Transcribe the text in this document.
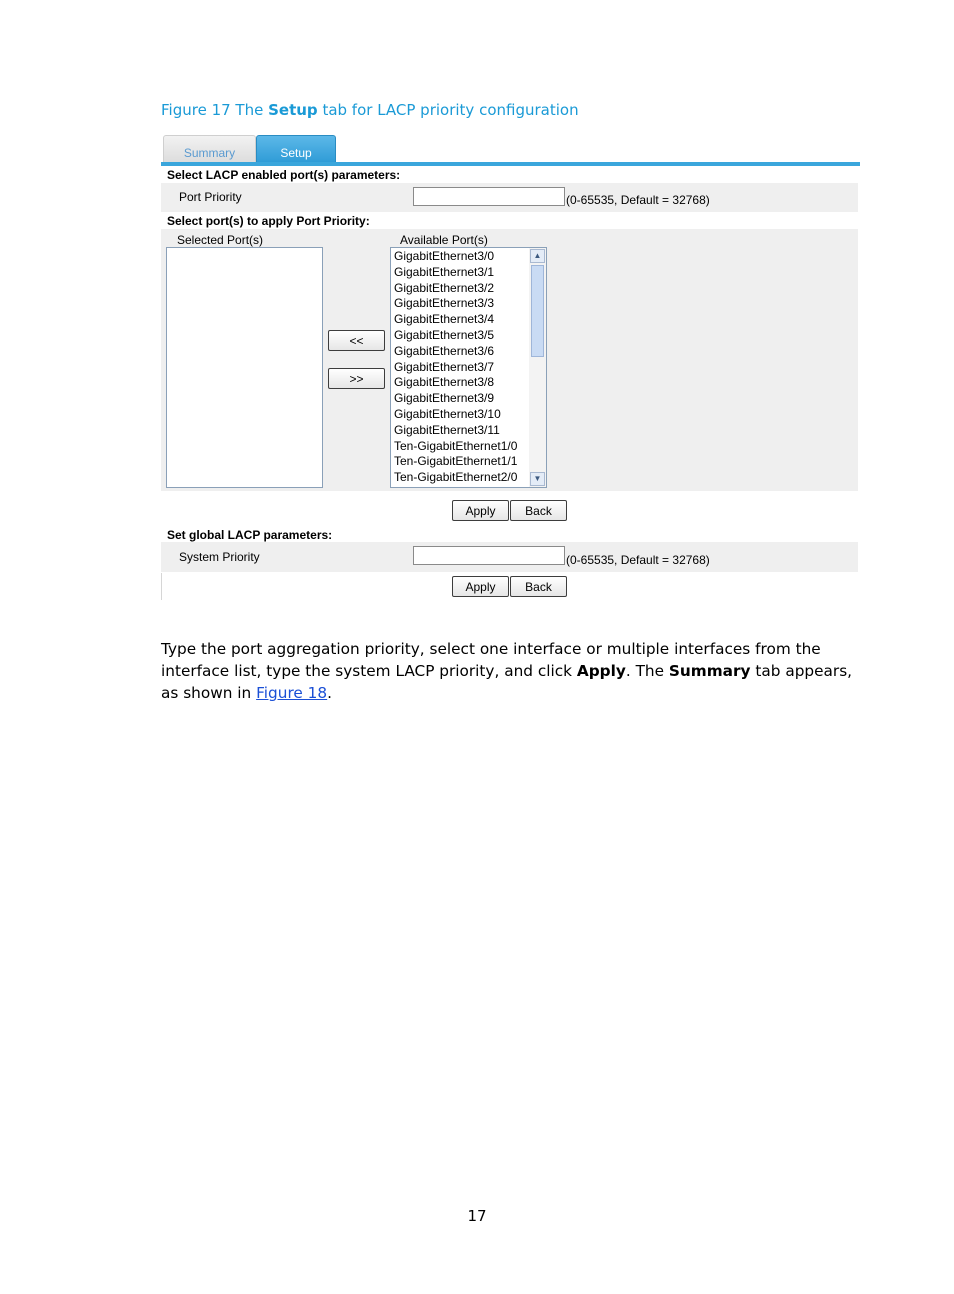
Figure 17 The Setup tab for LACP priority configuration
Summary	Setup
Select LACP enabled port(s) parameters:
Port Priority	(0-65535, Default = 32768)
Select port(s) to apply Port Priority:
Selected Port(s)	Available Port(s)
<<
>>
GigabitEthernet3/0
GigabitEthernet3/1
GigabitEthernet3/2
GigabitEthernet3/3
GigabitEthernet3/4
GigabitEthernet3/5
GigabitEthernet3/6
GigabitEthernet3/7
GigabitEthernet3/8
GigabitEthernet3/9
GigabitEthernet3/10
GigabitEthernet3/11
Ten-GigabitEthernet1/0
Ten-GigabitEthernet1/1
Ten-GigabitEthernet2/0
▲
▼
Apply	Back
Set global LACP parameters:
System Priority	(0-65535, Default = 32768)
Apply	Back
Type the port aggregation priority, select one interface or multiple interfaces from the interface list, type the system LACP priority, and click Apply. The Summary tab appears, as shown in Figure 18.
17
